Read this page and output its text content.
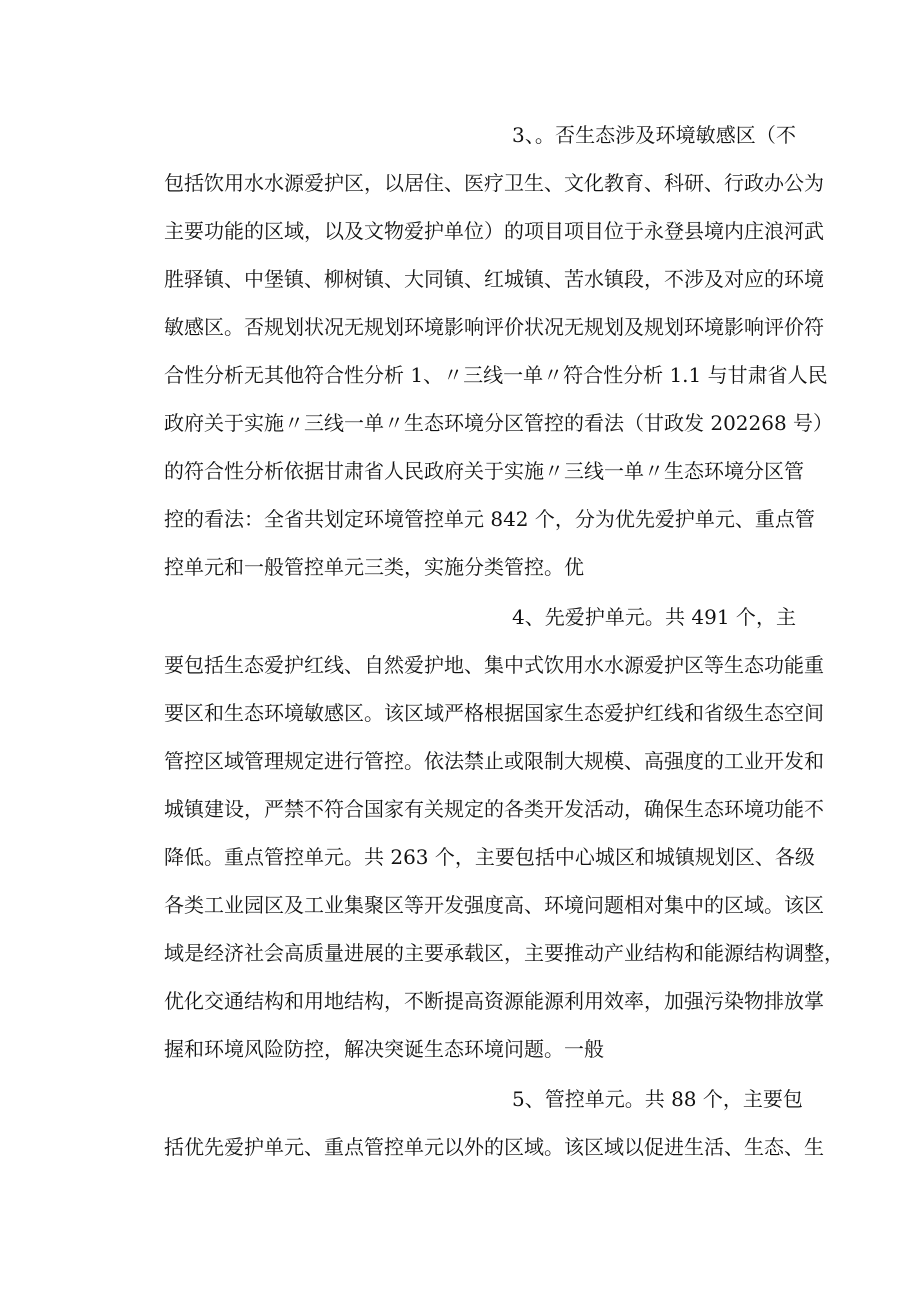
3、。否生态涉及环境敏感区（不
包括饮用水水源爱护区，以居住、医疗卫生、文化教育、科研、行政办公为
主要功能的区域，以及文物爱护单位）的项目项目位于永登县境内庄浪河武
胜驿镇、中堡镇、柳树镇、大同镇、红城镇、苦水镇段，不涉及对应的环境
敏感区。否规划状况无规划环境影响评价状况无规划及规划环境影响评价符
合性分析无其他符合性分析 1、〃三线一单〃符合性分析 1.1 与甘肃省人民
政府关于实施〃三线一单〃生态环境分区管控的看法（甘政发 202268 号）
的符合性分析依据甘肃省人民政府关于实施〃三线一单〃生态环境分区管
控的看法：全省共划定环境管控单元 842 个，分为优先爱护单元、重点管
控单元和一般管控单元三类，实施分类管控。优
4、先爱护单元。共 491 个，主
要包括生态爱护红线、自然爱护地、集中式饮用水水源爱护区等生态功能重
要区和生态环境敏感区。该区域严格根据国家生态爱护红线和省级生态空间
管控区域管理规定进行管控。依法禁止或限制大规模、高强度的工业开发和
城镇建设，严禁不符合国家有关规定的各类开发活动，确保生态环境功能不
降低。重点管控单元。共 263 个，主要包括中心城区和城镇规划区、各级
各类工业园区及工业集聚区等开发强度高、环境问题相对集中的区域。该区
域是经济社会高质量进展的主要承载区，主要推动产业结构和能源结构调整，
优化交通结构和用地结构，不断提高资源能源利用效率，加强污染物排放掌
握和环境风险防控，解决突诞生态环境问题。一般
5、管控单元。共 88 个，主要包
括优先爱护单元、重点管控单元以外的区域。该区域以促进生活、生态、生
